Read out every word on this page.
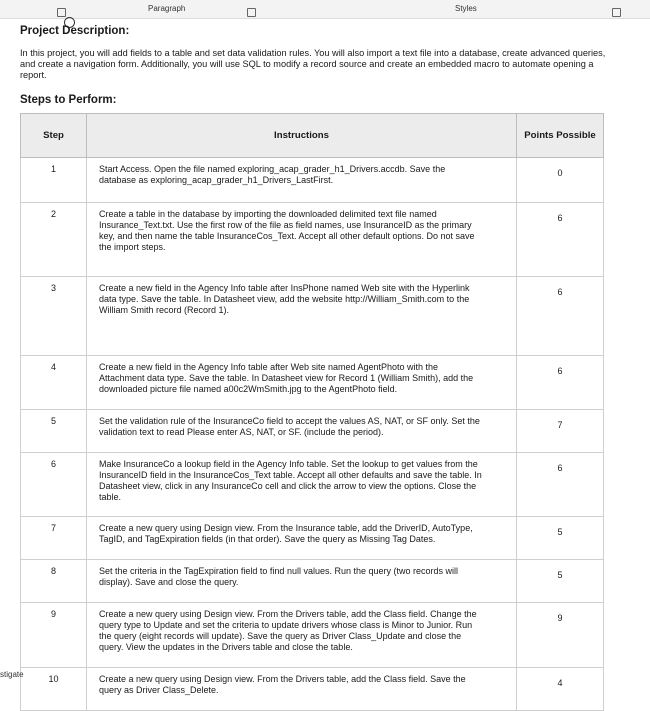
Paragraph	Styles
Project Description:
In this project, you will add fields to a table and set data validation rules. You will also import a text file into a database, create advanced queries, and create a navigation form. Additionally, you will use SQL to modify a record source and create an embedded macro to automate opening a report.
Steps to Perform:
Step	Instructions	Points Possible
1	Start Access. Open the file named exploring_acap_grader_h1_Drivers.accdb. Save the database as exploring_acap_grader_h1_Drivers_LastFirst.	0
2	Create a table in the database by importing the downloaded delimited text file named Insurance_Text.txt. Use the first row of the file as field names, use InsuranceID as the primary key, and then name the table InsuranceCos_Text. Accept all other default options. Do not save the import steps.	6
3	Create a new field in the Agency Info table after InsPhone named Web site with the Hyperlink data type. Save the table. In Datasheet view, add the website http://William_Smith.com to the William Smith record (Record 1).	6
4	Create a new field in the Agency Info table after Web site named AgentPhoto with the Attachment data type. Save the table. In Datasheet view for Record 1 (William Smith), add the downloaded picture file named a00c2WmSmith.jpg to the AgentPhoto field.	6
5	Set the validation rule of the InsuranceCo field to accept the values AS, NAT, or SF only. Set the validation text to read Please enter AS, NAT, or SF. (include the period).	7
6	Make InsuranceCo a lookup field in the Agency Info table. Set the lookup to get values from the InsuranceID field in the InsuranceCos_Text table. Accept all other defaults and save the table. In Datasheet view, click in any InsuranceCo cell and click the arrow to view the options. Close the table.	6
7	Create a new query using Design view. From the Insurance table, add the DriverID, AutoType, TagID, and TagExpiration fields (in that order). Save the query as Missing Tag Dates.	5
8	Set the criteria in the TagExpiration field to find null values. Run the query (two records will display). Save and close the query.	5
9	Create a new query using Design view. From the Drivers table, add the Class field. Change the query type to Update and set the criteria to update drivers whose class is Minor to Junior. Run the query (eight records will update). Save the query as Driver Class_Update and close the query. View the updates in the Drivers table and close the table.	9
10	Create a new query using Design view. From the Drivers table, add the Class field. Save the query as Driver Class_Delete.	4
stigate
